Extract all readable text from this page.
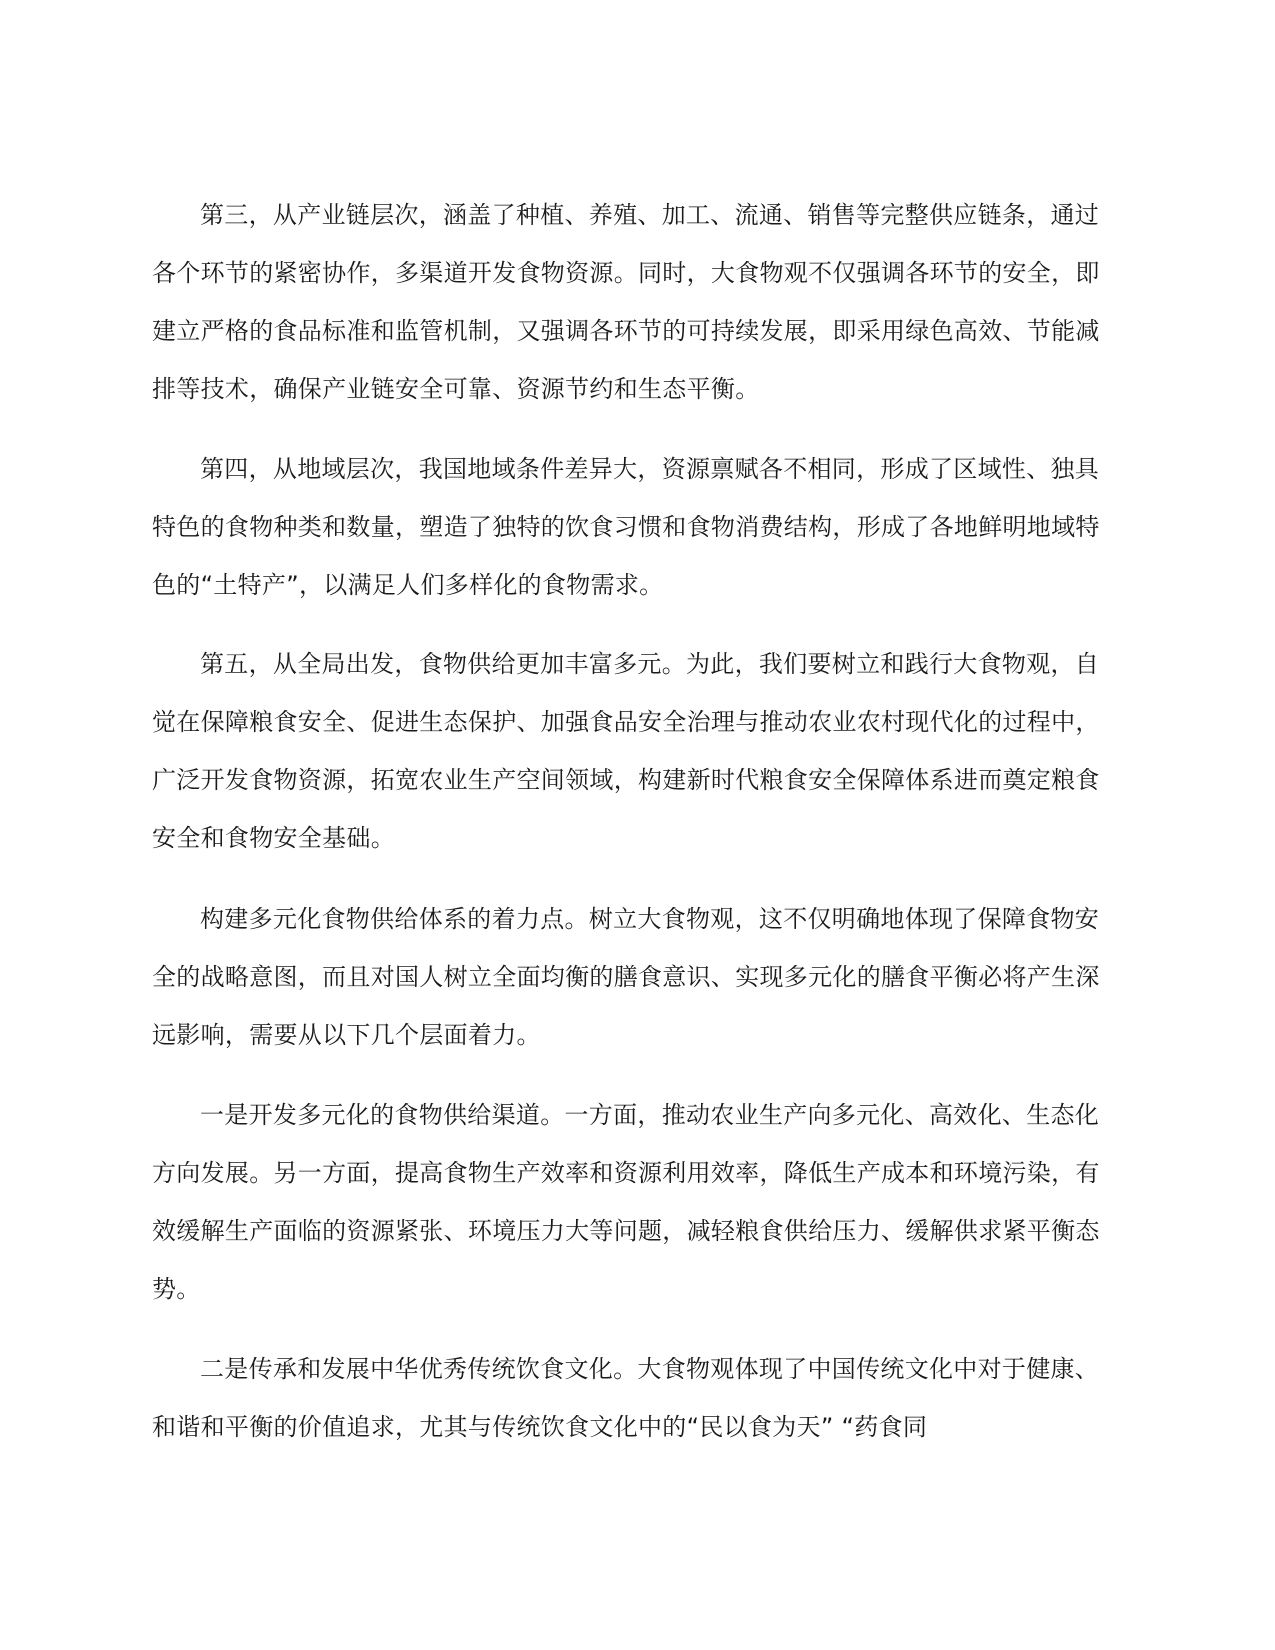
第三，从产业链层次，涵盖了种植、养殖、加工、流通、销售等完整供应链条，通过各个环节的紧密协作，多渠道开发食物资源。同时，大食物观不仅强调各环节的安全，即建立严格的食品标准和监管机制，又强调各环节的可持续发展，即采用绿色高效、节能减排等技术，确保产业链安全可靠、资源节约和生态平衡。

第四，从地域层次，我国地域条件差异大，资源禀赋各不相同，形成了区域性、独具特色的食物种类和数量，塑造了独特的饮食习惯和食物消费结构，形成了各地鲜明地域特色的“土特产”，以满足人们多样化的食物需求。

第五，从全局出发，食物供给更加丰富多元。为此，我们要树立和践行大食物观，自觉在保障粮食安全、促进生态保护、加强食品安全治理与推动农业农村现代化的过程中，广泛开发食物资源，拓宽农业生产空间领域，构建新时代粮食安全保障体系进而奠定粮食安全和食物安全基础。

构建多元化食物供给体系的着力点。树立大食物观，这不仅明确地体现了保障食物安全的战略意图，而且对国人树立全面均衡的膳食意识、实现多元化的膳食平衡必将产生深远影响，需要从以下几个层面着力。

一是开发多元化的食物供给渠道。一方面，推动农业生产向多元化、高效化、生态化方向发展。另一方面，提高食物生产效率和资源利用效率，降低生产成本和环境污染，有效缓解生产面临的资源紧张、环境压力大等问题，减轻粮食供给压力、缓解供求紧平衡态势。

二是传承和发展中华优秀传统饮食文化。大食物观体现了中国传统文化中对于健康、和谐和平衡的价值追求，尤其与传统饮食文化中的“民以食为天” “药食同
